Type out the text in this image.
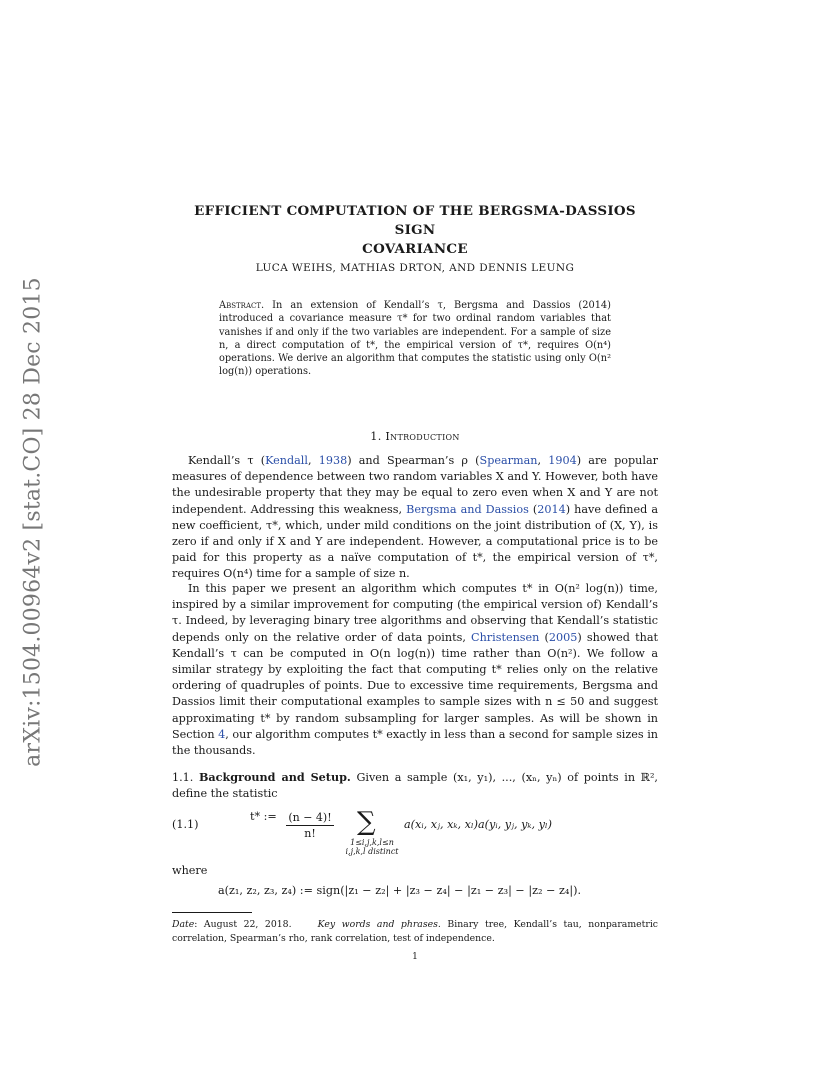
arXiv:1504.00964v2 [stat.CO] 28 Dec 2015
EFFICIENT COMPUTATION OF THE BERGSMA-DASSIOS SIGN
COVARIANCE
LUCA WEIHS, MATHIAS DRTON, AND DENNIS LEUNG
Abstract. In an extension of Kendall’s τ, Bergsma and Dassios (2014) introduced a covariance measure τ* for two ordinal random variables that vanishes if and only if the two variables are independent. For a sample of size n, a direct computation of t*, the empirical version of τ*, requires O(n⁴) operations. We derive an algorithm that computes the statistic using only O(n² log(n)) operations.
1. Introduction

Kendall’s τ (Kendall, 1938) and Spearman’s ρ (Spearman, 1904) are popular measures of dependence between two random variables X and Y. However, both have the undesirable property that they may be equal to zero even when X and Y are not independent. Addressing this weakness, Bergsma and Dassios (2014) have defined a new coefficient, τ*, which, under mild conditions on the joint distribution of (X, Y), is zero if and only if X and Y are independent. However, a computational price is to be paid for this property as a naïve computation of t*, the empirical version of τ*, requires O(n⁴) time for a sample of size n.

In this paper we present an algorithm which computes t* in O(n² log(n)) time, inspired by a similar improvement for computing (the empirical version of) Kendall’s τ. Indeed, by leveraging binary tree algorithms and observing that Kendall’s statistic depends only on the relative order of data points, Christensen (2005) showed that Kendall’s τ can be computed in O(n log(n)) time rather than O(n²). We follow a similar strategy by exploiting the fact that computing t* relies only on the relative ordering of quadruples of points. Due to excessive time requirements, Bergsma and Dassios limit their computational examples to sample sizes with n ≤ 50 and suggest approximating t* by random subsampling for larger samples. As will be shown in Section 4, our algorithm computes t* exactly in less than a second for sample sizes in the thousands.

1.1. Background and Setup. Given a sample (x₁, y₁), ..., (xₙ, yₙ) of points in ℝ², define the statistic

(1.1)
t* := $\frac{(n - 4)!}{n!}$ ∑
1≤i,j,k,l≤n
i,j,k,l distinct
a(xᵢ, xⱼ, xₖ, xₗ)a(yᵢ, yⱼ, yₖ, yₗ)
where
a(z₁, z₂, z₃, z₄) := sign(|z₁ − z₂| + |z₃ − z₄| − |z₁ − z₃| − |z₂ − z₄|).
Date: August 22, 2018.	Key words and phrases. Binary tree, Kendall’s tau, nonparametric correlation, Spearman’s rho, rank correlation, test of independence.
1
